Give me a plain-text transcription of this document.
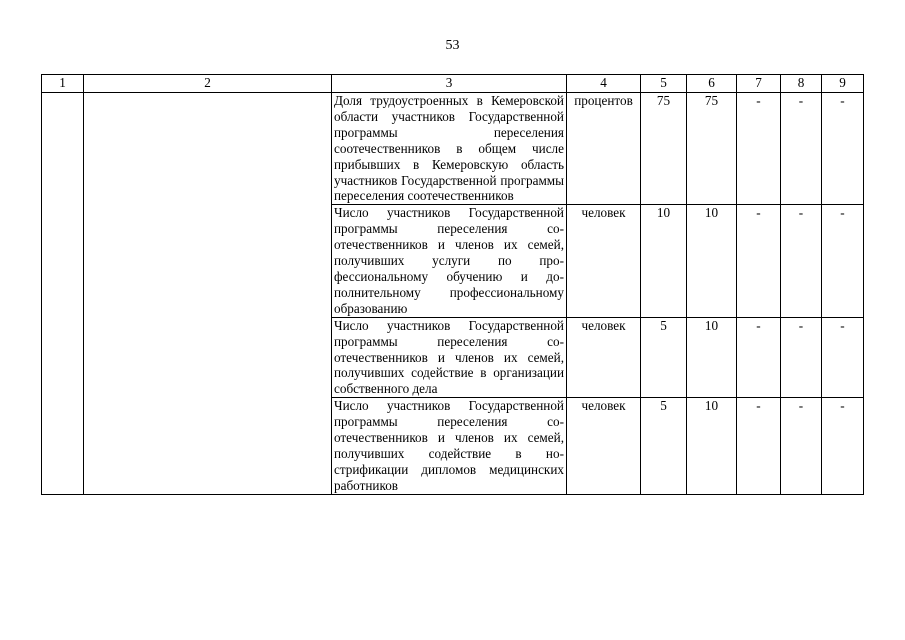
53
1	2	3	4	5	6	7	8	9
		Доля трудоустроенных в Кемеровской области участников Государственной программы переселения соотечественников в общем числе прибывших в Кемеровскую область участников Государственной программы переселения соотечественников	процентов	75	75	-	-	-
		Число участников Государственной программы переселения соотечественников и членов их семей, получивших услуги по профессиональному обучению и дополнительному профессиональному образованию	человек	10	10	-	-	-
		Число участников Государственной программы переселения соотечественников и членов их семей, получивших содействие в организации собственного дела	человек	5	10	-	-	-
		Число участников Государственной программы переселения соотечественников и членов их семей, получивших содействие в нострификации дипломов медицинских работников	человек	5	10	-	-	-
